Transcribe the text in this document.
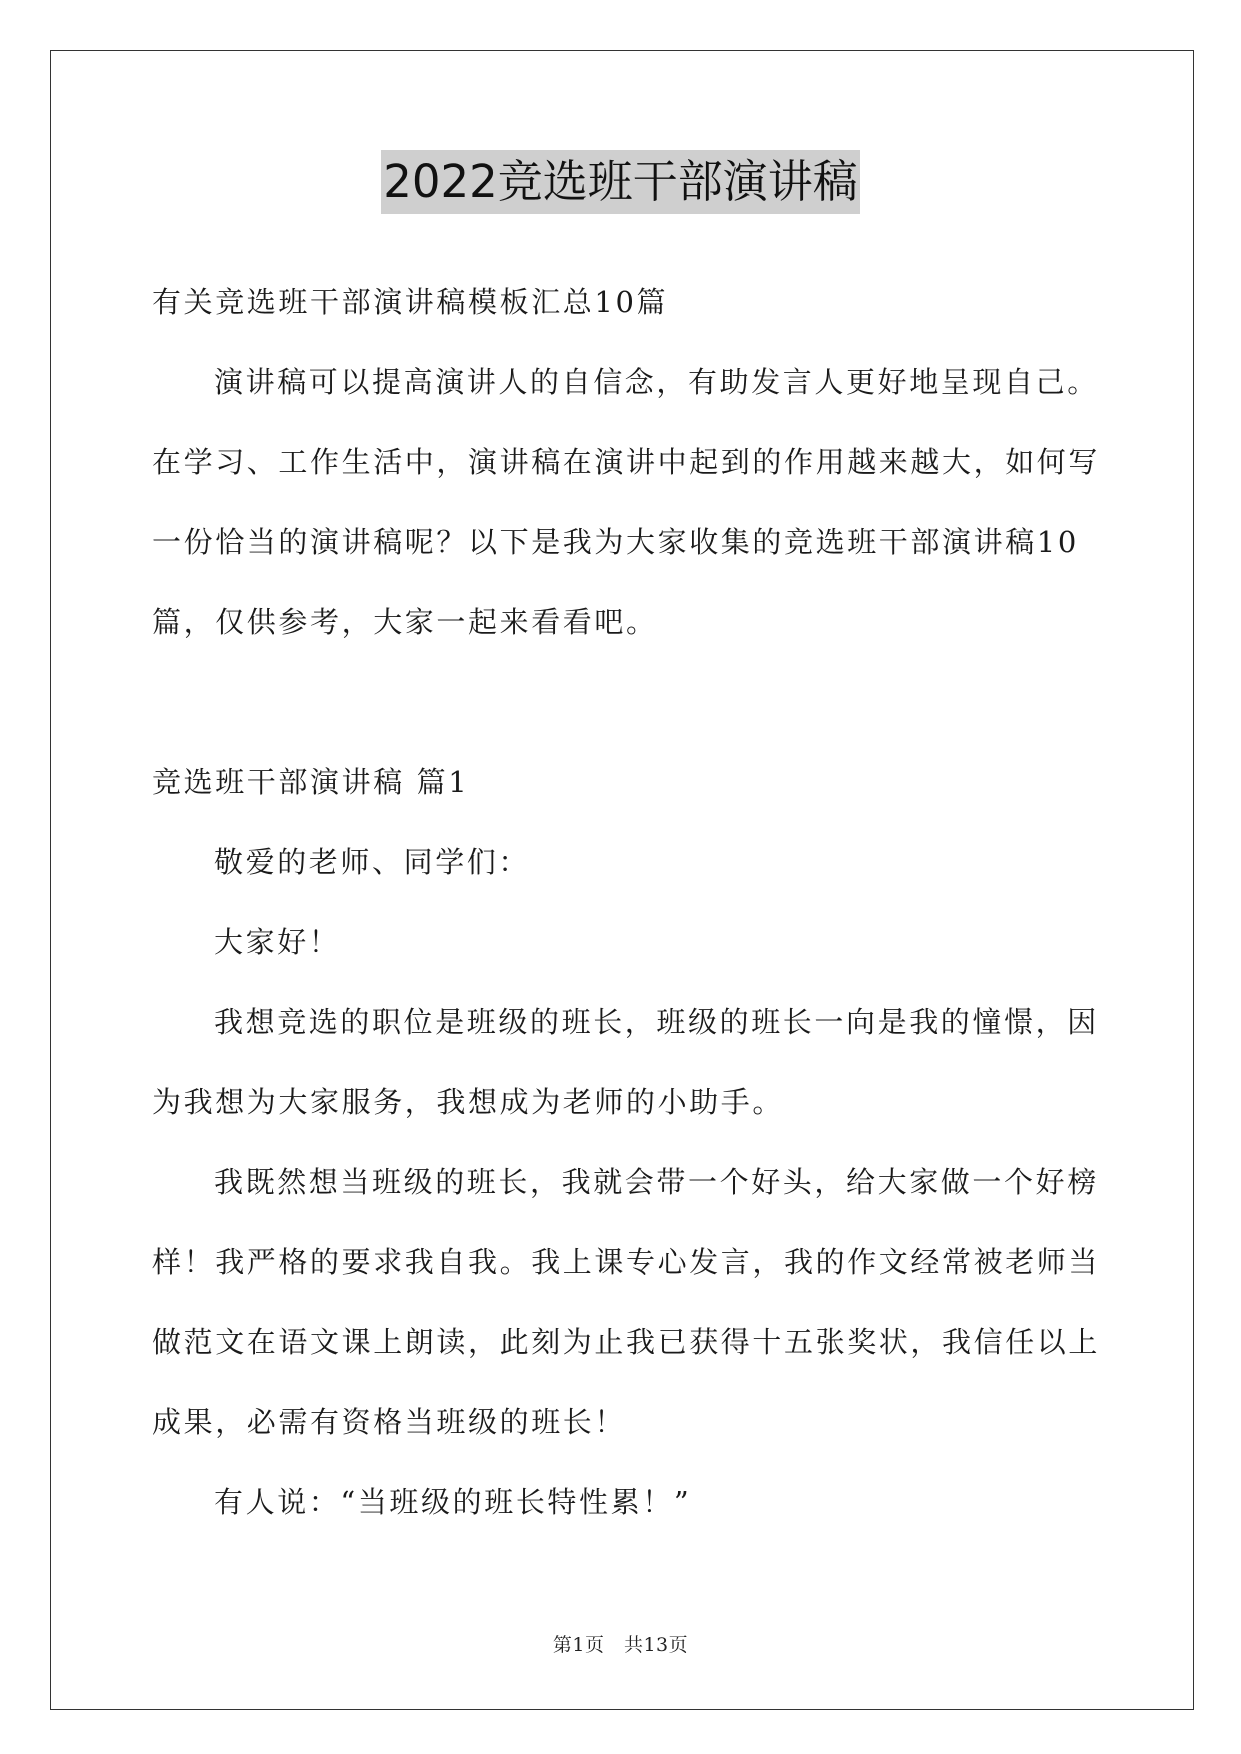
2022竞选班干部演讲稿

有关竞选班干部演讲稿模板汇总10篇

演讲稿可以提高演讲人的自信念，有助发言人更好地呈现自己。

在学习、工作生活中，演讲稿在演讲中起到的作用越来越大，如何写

一份恰当的演讲稿呢？以下是我为大家收集的竞选班干部演讲稿10

篇，仅供参考，大家一起来看看吧。

竞选班干部演讲稿 篇1

敬爱的老师、同学们：

大家好！

我想竞选的职位是班级的班长，班级的班长一向是我的憧憬，因

为我想为大家服务，我想成为老师的小助手。

我既然想当班级的班长，我就会带一个好头，给大家做一个好榜

样！我严格的要求我自我。我上课专心发言，我的作文经常被老师当

做范文在语文课上朗读，此刻为止我已获得十五张奖状，我信任以上

成果，必需有资格当班级的班长！

有人说：“当班级的班长特性累！”

第1页　共13页
